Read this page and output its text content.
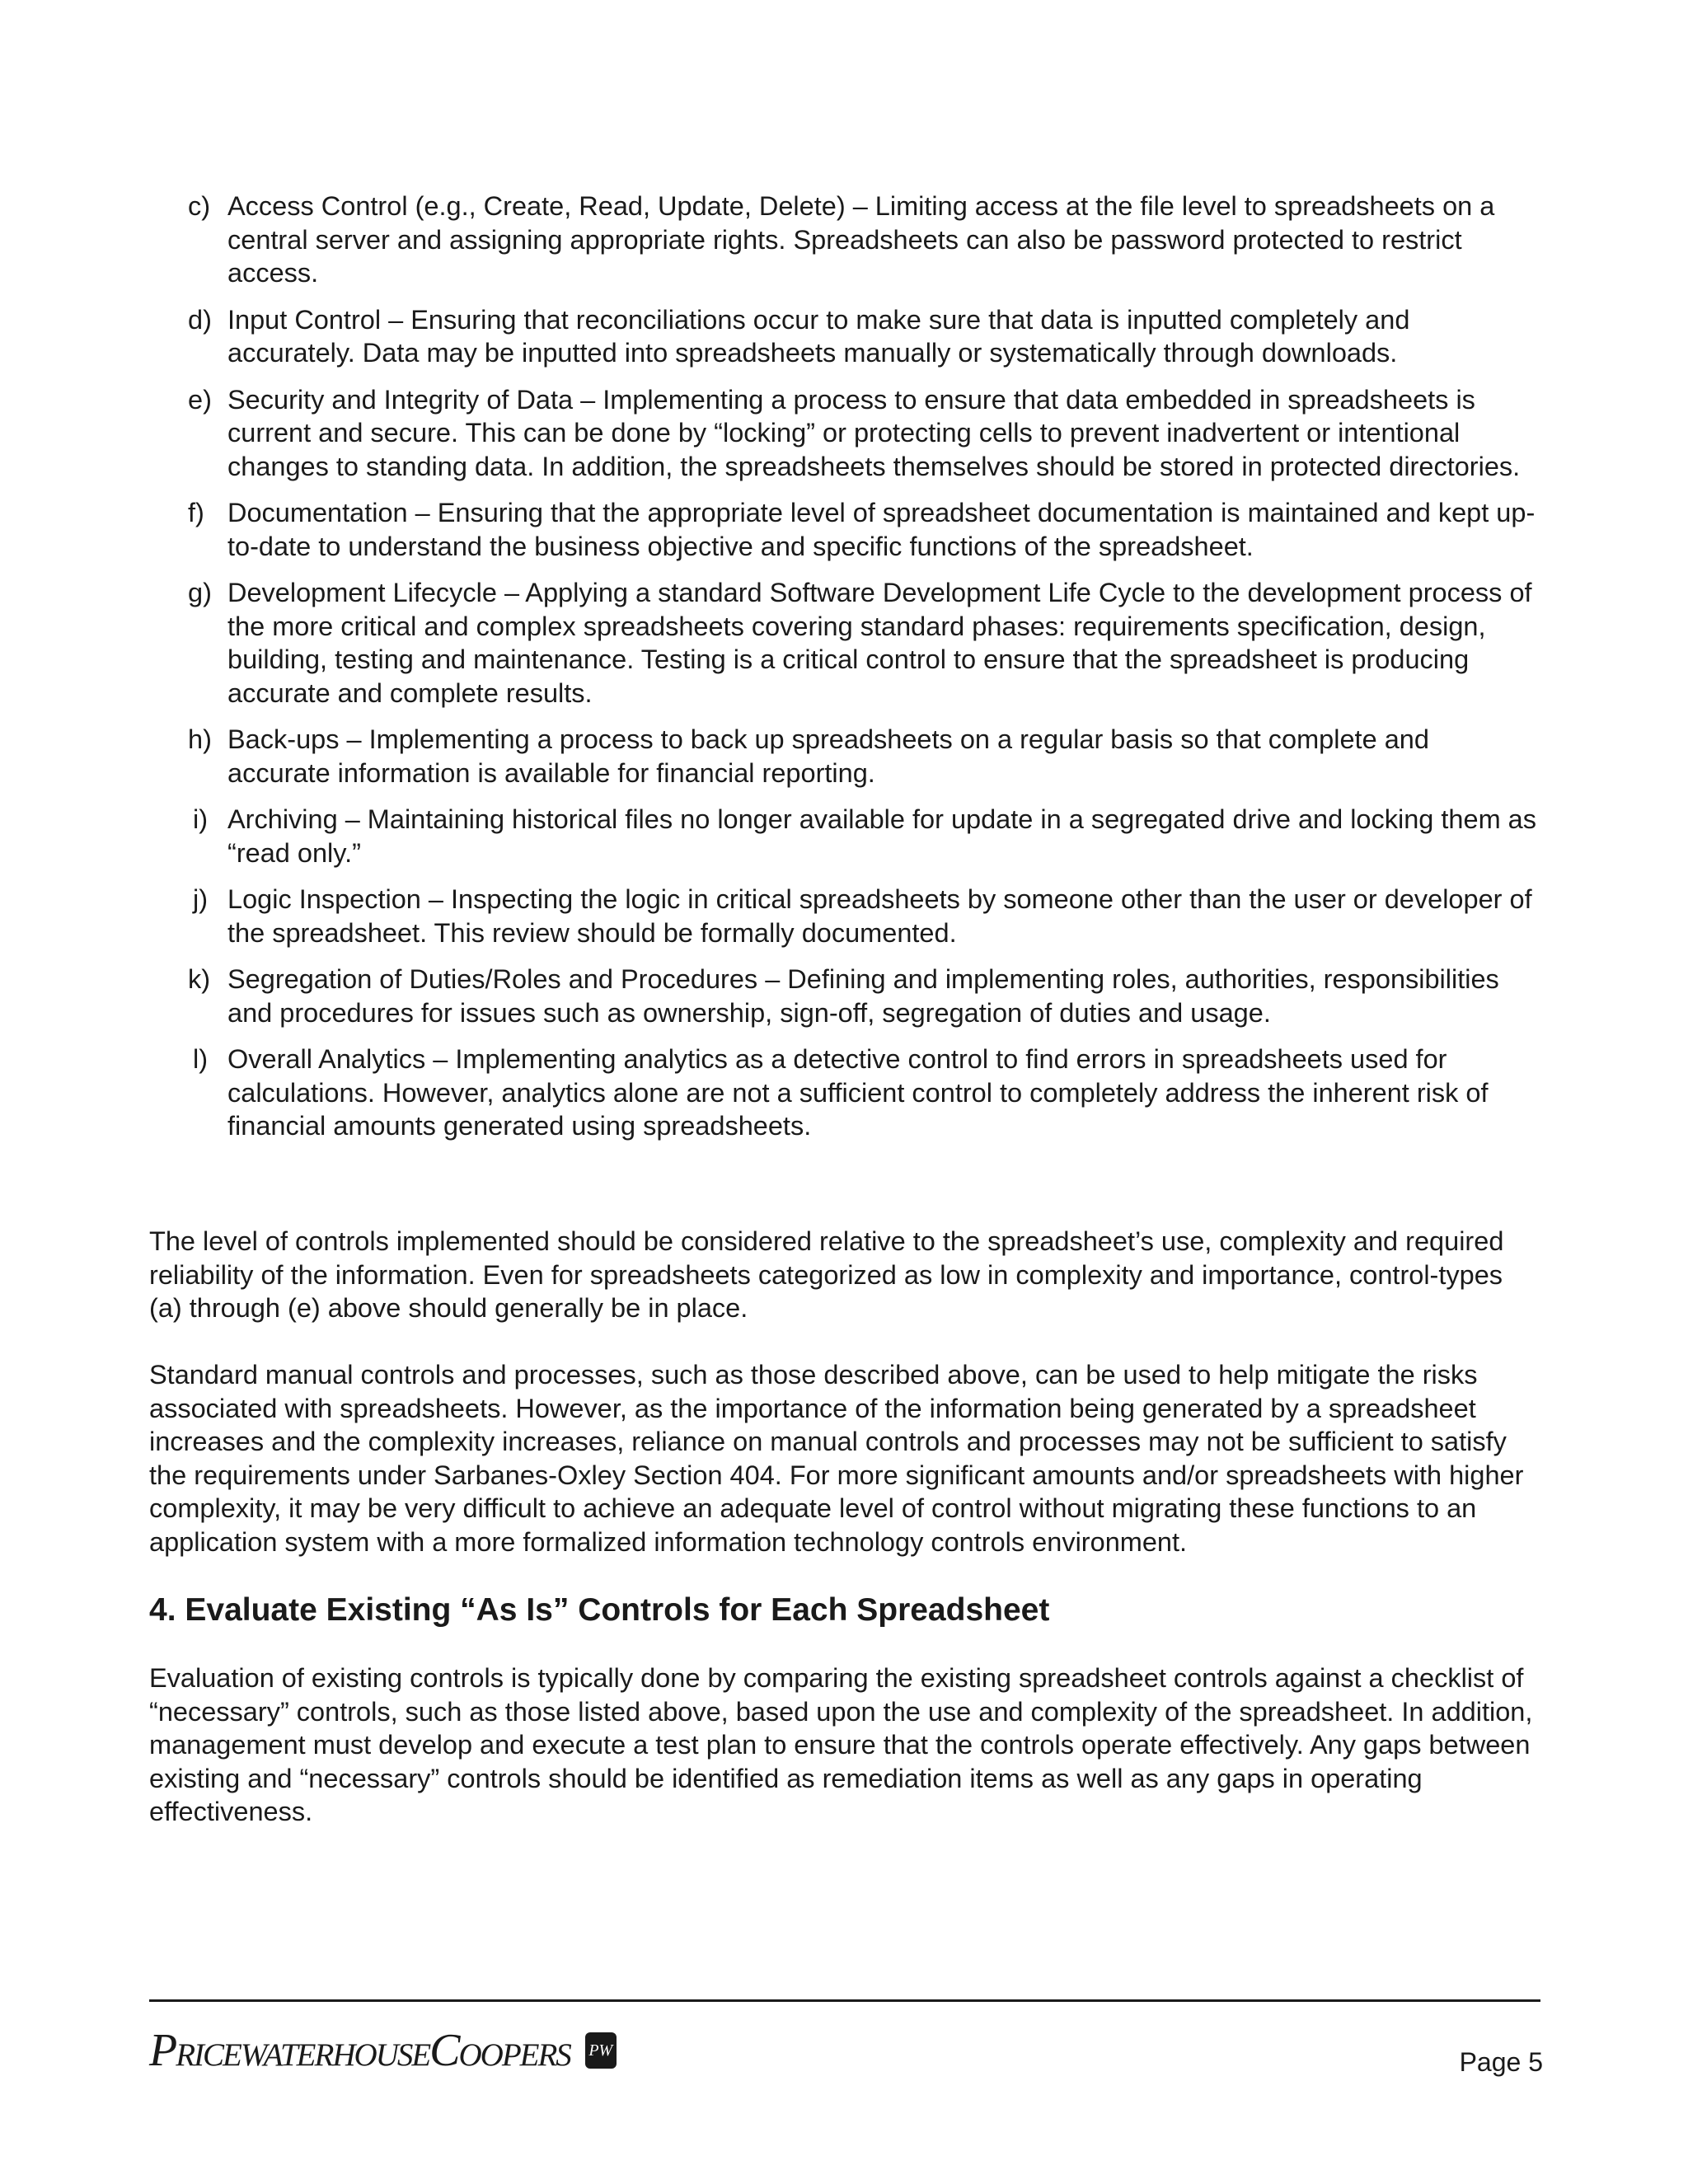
c) Access Control (e.g., Create, Read, Update, Delete) – Limiting access at the file level to spreadsheets on a central server and assigning appropriate rights. Spreadsheets can also be password protected to restrict access.
d) Input Control – Ensuring that reconciliations occur to make sure that data is inputted completely and accurately. Data may be inputted into spreadsheets manually or systematically through downloads.
e) Security and Integrity of Data – Implementing a process to ensure that data embedded in spreadsheets is current and secure. This can be done by “locking” or protecting cells to prevent inadvertent or intentional changes to standing data. In addition, the spreadsheets themselves should be stored in protected directories.
f) Documentation – Ensuring that the appropriate level of spreadsheet documentation is maintained and kept up-to-date to understand the business objective and specific functions of the spreadsheet.
g) Development Lifecycle – Applying a standard Software Development Life Cycle to the development process of the more critical and complex spreadsheets covering standard phases: requirements specification, design, building, testing and maintenance. Testing is a critical control to ensure that the spreadsheet is producing accurate and complete results.
h) Back-ups – Implementing a process to back up spreadsheets on a regular basis so that complete and accurate information is available for financial reporting.
i) Archiving – Maintaining historical files no longer available for update in a segregated drive and locking them as “read only.”
j) Logic Inspection – Inspecting the logic in critical spreadsheets by someone other than the user or developer of the spreadsheet. This review should be formally documented.
k) Segregation of Duties/Roles and Procedures – Defining and implementing roles, authorities, responsibilities and procedures for issues such as ownership, sign-off, segregation of duties and usage.
l) Overall Analytics – Implementing analytics as a detective control to find errors in spreadsheets used for calculations. However, analytics alone are not a sufficient control to completely address the inherent risk of financial amounts generated using spreadsheets.

The level of controls implemented should be considered relative to the spreadsheet’s use, complexity and required reliability of the information. Even for spreadsheets categorized as low in complexity and importance, control-types (a) through (e) above should generally be in place.

Standard manual controls and processes, such as those described above, can be used to help mitigate the risks associated with spreadsheets. However, as the importance of the information being generated by a spreadsheet increases and the complexity increases, reliance on manual controls and processes may not be sufficient to satisfy the requirements under Sarbanes-Oxley Section 404. For more significant amounts and/or spreadsheets with higher complexity, it may be very difficult to achieve an adequate level of control without migrating these functions to an application system with a more formalized information technology controls environment.

4. Evaluate Existing “As Is” Controls for Each Spreadsheet

Evaluation of existing controls is typically done by comparing the existing spreadsheet controls against a checklist of “necessary” controls, such as those listed above, based upon the use and complexity of the spreadsheet. In addition, management must develop and execute a test plan to ensure that the controls operate effectively. Any gaps between existing and “necessary” controls should be identified as remediation items as well as any gaps in operating effectiveness.

PricewaterhouseCoopers PW	Page 5
